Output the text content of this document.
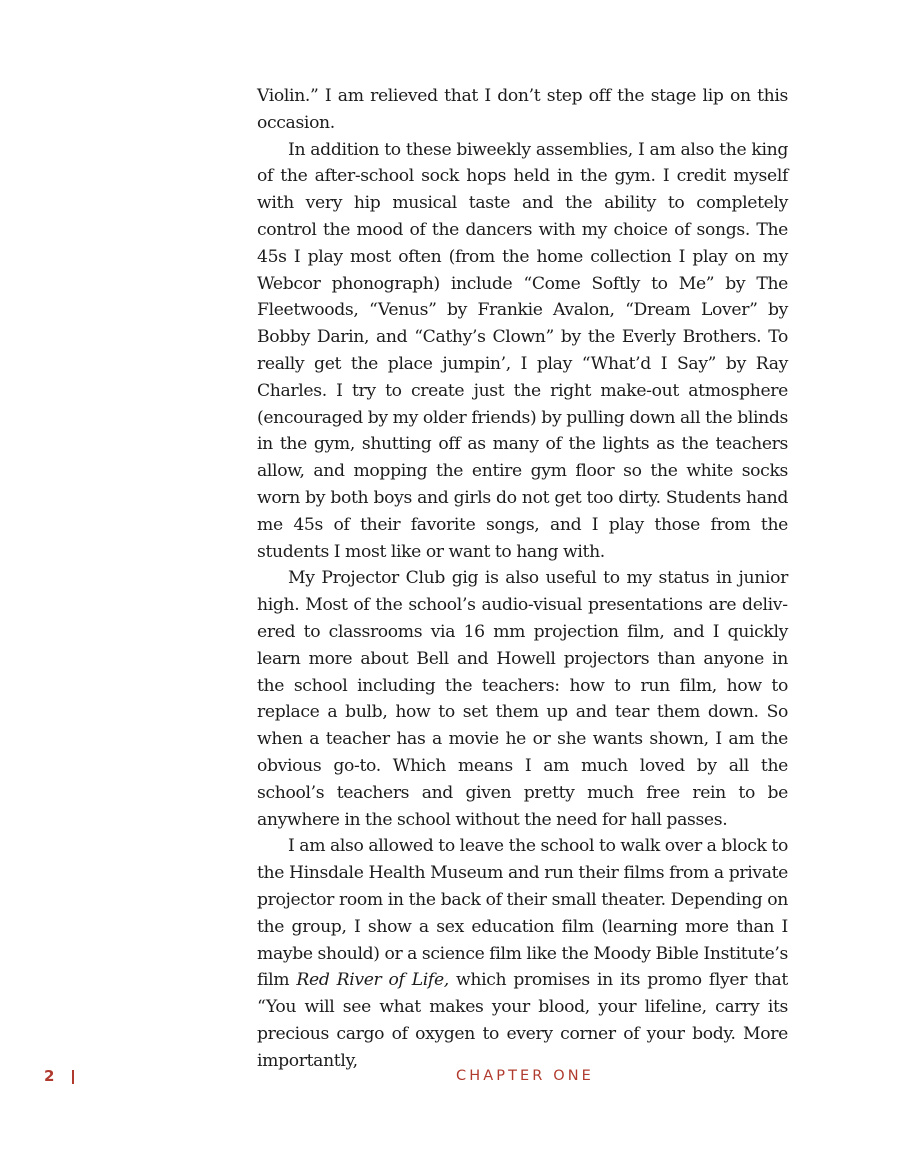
Violin.” I am relieved that I don’t step off the stage lip on this occasion.

In addition to these biweekly assemblies, I am also the king of the after-school sock hops held in the gym. I credit myself with very hip musical taste and the ability to completely control the mood of the dancers with my choice of songs. The 45s I play most often (from the home collection I play on my Webcor phonograph) include “Come Softly to Me” by The Fleetwoods, “Venus” by Frankie Avalon, “Dream Lover” by Bobby Darin, and “Cathy’s Clown” by the Everly Brothers. To really get the place jumpin’, I play “What’d I Say” by Ray Charles. I try to create just the right make-out atmosphere (encouraged by my older friends) by pulling down all the blinds in the gym, shutting off as many of the lights as the teachers allow, and mopping the entire gym floor so the white socks worn by both boys and girls do not get too dirty. Students hand me 45s of their favorite songs, and I play those from the students I most like or want to hang with.

My Projector Club gig is also useful to my status in junior high. Most of the school’s audio-visual presentations are delivered to classrooms via 16 mm projection film, and I quickly learn more about Bell and Howell projectors than anyone in the school including the teachers: how to run film, how to replace a bulb, how to set them up and tear them down. So when a teacher has a movie he or she wants shown, I am the obvious go-to. Which means I am much loved by all the school’s teachers and given pretty much free rein to be anywhere in the school without the need for hall passes.

I am also allowed to leave the school to walk over a block to the Hinsdale Health Museum and run their films from a private projector room in the back of their small theater. Depending on the group, I show a sex education film (learning more than I maybe should) or a science film like the Moody Bible Institute’s film Red River of Life, which promises in its promo flyer that “You will see what makes your blood, your lifeline, carry its precious cargo of oxygen to every corner of your body. More importantly,

2	CHAPTER ONE
